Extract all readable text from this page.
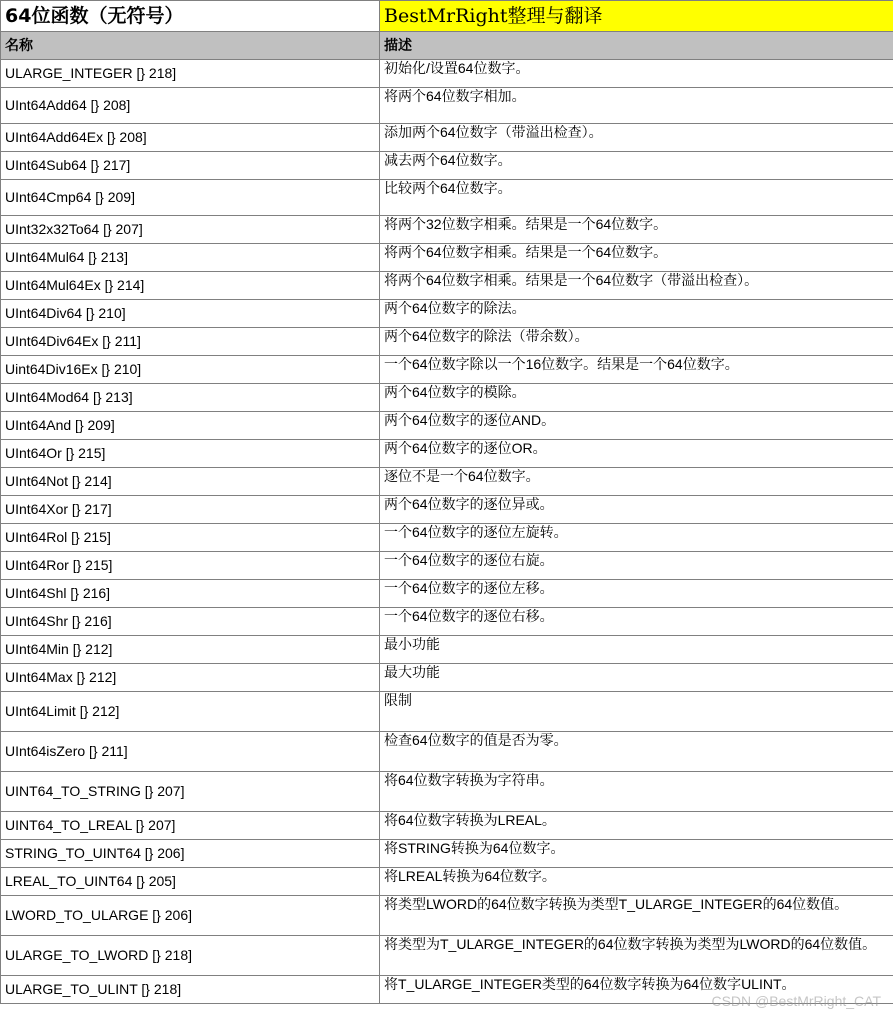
64位函数（无符号）	BestMrRight整理与翻译
名称	描述
ULARGE_INTEGER [} 218]	初始化/设置64位数字。
UInt64Add64 [} 208]	将两个64位数字相加。
UInt64Add64Ex [} 208]	添加两个64位数字（带溢出检查）。
UInt64Sub64 [} 217]	减去两个64位数字。
UInt64Cmp64 [} 209]	比较两个64位数字。
UInt32x32To64 [} 207]	将两个32位数字相乘。结果是一个64位数字。
UInt64Mul64 [} 213]	将两个64位数字相乘。结果是一个64位数字。
UInt64Mul64Ex [} 214]	将两个64位数字相乘。结果是一个64位数字（带溢出检查）。
UInt64Div64 [} 210]	两个64位数字的除法。
UInt64Div64Ex [} 211]	两个64位数字的除法（带余数）。
Uint64Div16Ex [} 210]	一个64位数字除以一个16位数字。结果是一个64位数字。
UInt64Mod64 [} 213]	两个64位数字的模除。
UInt64And [} 209]	两个64位数字的逐位AND。
UInt64Or [} 215]	两个64位数字的逐位OR。
UInt64Not [} 214]	逐位不是一个64位数字。
UInt64Xor [} 217]	两个64位数字的逐位异或。
UInt64Rol [} 215]	一个64位数字的逐位左旋转。
UInt64Ror [} 215]	一个64位数字的逐位右旋。
UInt64Shl [} 216]	一个64位数字的逐位左移。
UInt64Shr [} 216]	一个64位数字的逐位右移。
UInt64Min [} 212]	最小功能
UInt64Max [} 212]	最大功能
UInt64Limit [} 212]	限制
UInt64isZero [} 211]	检查64位数字的值是否为零。
UINT64_TO_STRING [} 207]	将64位数字转换为字符串。
UINT64_TO_LREAL [} 207]	将64位数字转换为LREAL。
STRING_TO_UINT64 [} 206]	将STRING转换为64位数字。
LREAL_TO_UINT64 [} 205]	将LREAL转换为64位数字。
LWORD_TO_ULARGE [} 206]	将类型LWORD的64位数字转换为类型T_ULARGE_INTEGER的64位数值。
ULARGE_TO_LWORD [} 218]	将类型为T_ULARGE_INTEGER的64位数字转换为类型为LWORD的64位数值。
ULARGE_TO_ULINT [} 218]	将T_ULARGE_INTEGER类型的64位数字转换为64位数字ULINT。
CSDN @BestMrRight_CAT
